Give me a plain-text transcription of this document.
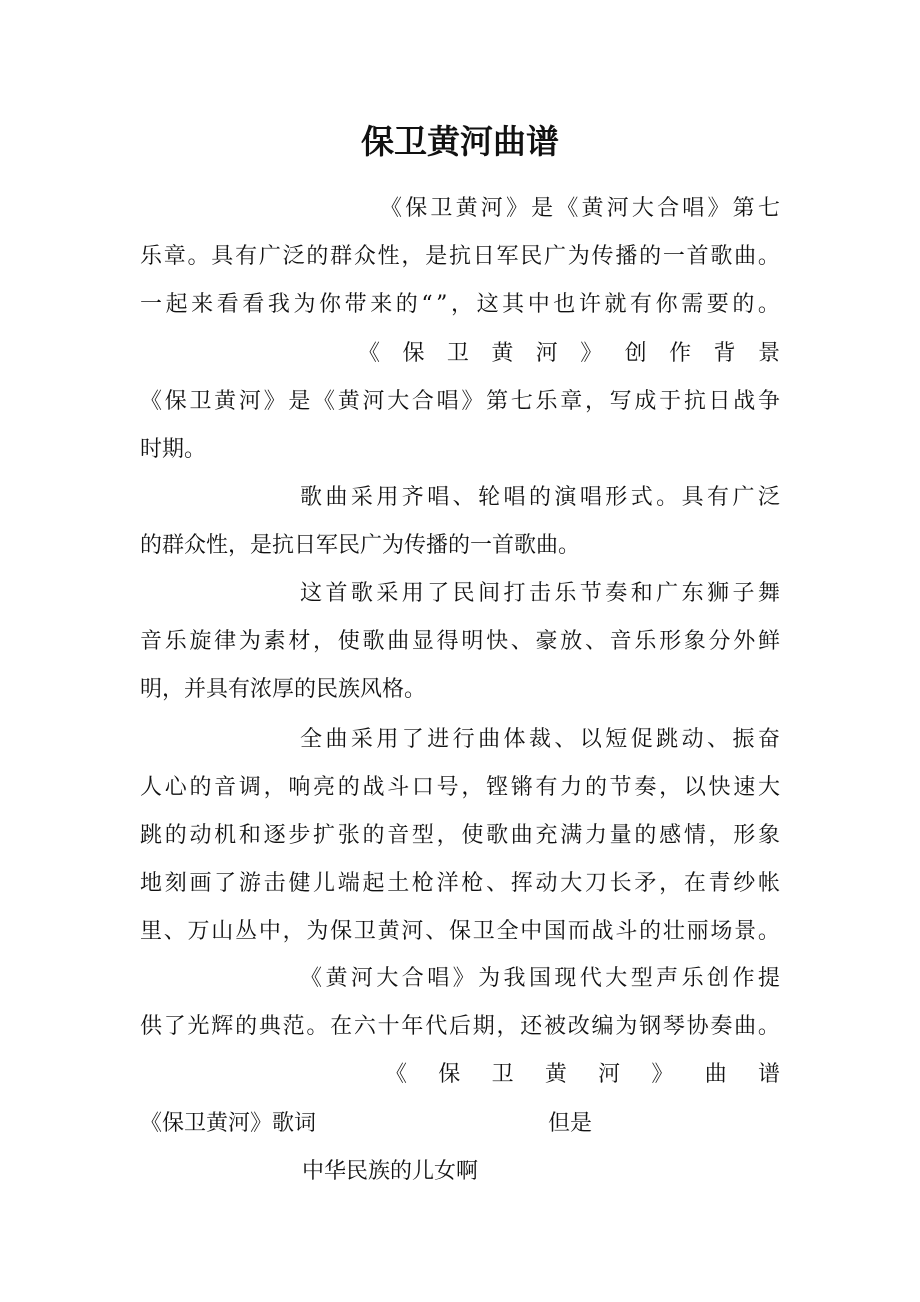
保卫黄河曲谱
《 保 卫 黄 河 》 是 《 黄 河 大 合 唱 》 第 七
乐 章 。 具 有 广 泛 的 群 众 性 ， 是 抗 日 军 民 广 为 传 播 的 一 首 歌 曲 。
一 起 来 看 看 我 为 你 带 来 的 “ ” ， 这 其 中 也 许 就 有 你 需 要 的 。
《 保 卫 黄 河 》 创 作 背 景
《 保 卫 黄 河 》 是 《 黄 河 大 合 唱 》 第 七 乐 章 ， 写 成 于 抗 日 战 争
时期。
歌 曲 采 用 齐 唱 、 轮 唱 的 演 唱 形 式 。 具 有 广 泛
的群众性，是抗日军民广为传播的一首歌曲。
这 首 歌 采 用 了 民 间 打 击 乐 节 奏 和 广 东 狮 子 舞
音 乐 旋 律 为 素 材 ， 使 歌 曲 显 得 明 快 、 豪 放 、 音 乐 形 象 分 外 鲜
明，并具有浓厚的民族风格。
全 曲 采 用 了 进 行 曲 体 裁 、 以 短 促 跳 动 、 振 奋
人 心 的 音 调 ， 响 亮 的 战 斗 口 号 ， 铿 锵 有 力 的 节 奏 ， 以 快 速 大
跳 的 动 机 和 逐 步 扩 张 的 音 型 ， 使 歌 曲 充 满 力 量 的 感 情 ， 形 象
地 刻 画 了 游 击 健 儿 端 起 土 枪 洋 枪 、 挥 动 大 刀 长 矛 ， 在 青 纱 帐
里 、 万 山 丛 中 ， 为 保 卫 黄 河 、 保 卫 全 中 国 而 战 斗 的 壮 丽 场 景 。
《 黄 河 大 合 唱 》 为 我 国 现 代 大 型 声 乐 创 作 提
供 了 光 辉 的 典 范 。 在 六 十 年 代 后 期 ， 还 被 改 编 为 钢 琴 协 奏 曲 。
《 保 卫 黄 河 》 曲 谱
《保卫黄河》歌词	但是
中华民族的儿女啊
